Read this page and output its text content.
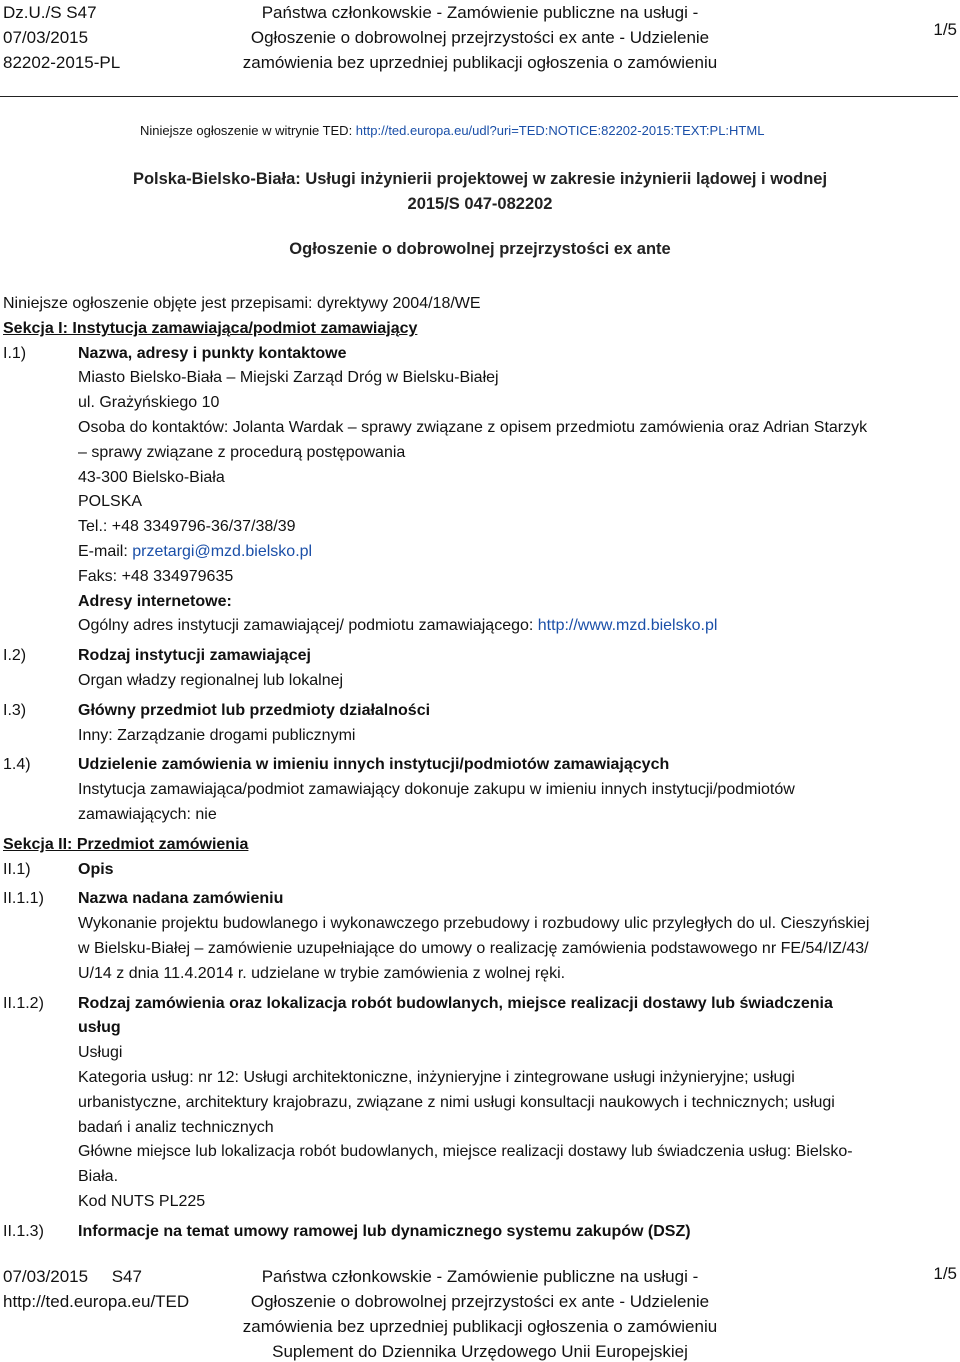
Dz.U./S S47
07/03/2015
82202-2015-PL
Państwa członkowskie - Zamówienie publiczne na usługi -
Ogłoszenie o dobrowolnej przejrzystości ex ante - Udzielenie
zamówienia bez uprzedniej publikacji ogłoszenia o zamówieniu
1/5
Niniejsze ogłoszenie w witrynie TED: http://ted.europa.eu/udl?uri=TED:NOTICE:82202-2015:TEXT:PL:HTML
Polska-Bielsko-Biała: Usługi inżynierii projektowej w zakresie inżynierii lądowej i wodnej
2015/S 047-082202
Ogłoszenie o dobrowolnej przejrzystości ex ante

Niniejsze ogłoszenie objęte jest przepisami: dyrektywy 2004/18/WE

Sekcja I: Instytucja zamawiająca/podmiot zamawiający

I.1)	Nazwa, adresy i punkty kontaktowe
Miasto Bielsko-Biała – Miejski Zarząd Dróg w Bielsku-Białej
ul. Grażyńskiego 10
Osoba do kontaktów: Jolanta Wardak – sprawy związane z opisem przedmiotu zamówienia oraz Adrian Starzyk
– sprawy związane z procedurą postępowania
43-300 Bielsko-Biała
POLSKA
Tel.: +48 3349796-36/37/38/39
E-mail: przetargi@mzd.bielsko.pl
Faks: +48 334979635
Adresy internetowe:
Ogólny adres instytucji zamawiającej/ podmiotu zamawiającego: http://www.mzd.bielsko.pl
I.2)	Rodzaj instytucji zamawiającej
Organ władzy regionalnej lub lokalnej
I.3)	Główny przedmiot lub przedmioty działalności
Inny: Zarządzanie drogami publicznymi
1.4)	Udzielenie zamówienia w imieniu innych instytucji/podmiotów zamawiających
Instytucja zamawiająca/podmiot zamawiający dokonuje zakupu w imieniu innych instytucji/podmiotów
zamawiających: nie

Sekcja II: Przedmiot zamówienia

II.1)	Opis
II.1.1)	Nazwa nadana zamówieniu
Wykonanie projektu budowlanego i wykonawczego przebudowy i rozbudowy ulic przyległych do ul. Cieszyńskiej
w Bielsku-Białej – zamówienie uzupełniające do umowy o realizację zamówienia podstawowego nr FE/54/IZ/43/
U/14 z dnia 11.4.2014 r. udzielane w trybie zamówienia z wolnej ręki.
II.1.2)	Rodzaj zamówienia oraz lokalizacja robót budowlanych, miejsce realizacji dostawy lub świadczenia
usług
Usługi
Kategoria usług: nr 12: Usługi architektoniczne, inżynieryjne i zintegrowane usługi inżynieryjne; usługi
urbanistyczne, architektury krajobrazu, związane z nimi usługi konsultacji naukowych i technicznych; usługi
badań i analiz technicznych
Główne miejsce lub lokalizacja robót budowlanych, miejsce realizacji dostawy lub świadczenia usług: Bielsko-
Biała.
Kod NUTS PL225
II.1.3)	Informacje na temat umowy ramowej lub dynamicznego systemu zakupów (DSZ)
07/03/2015     S47
http://ted.europa.eu/TED
Państwa członkowskie - Zamówienie publiczne na usługi -
Ogłoszenie o dobrowolnej przejrzystości ex ante - Udzielenie
zamówienia bez uprzedniej publikacji ogłoszenia o zamówieniu
Suplement do Dziennika Urzędowego Unii Europejskiej
1/5
